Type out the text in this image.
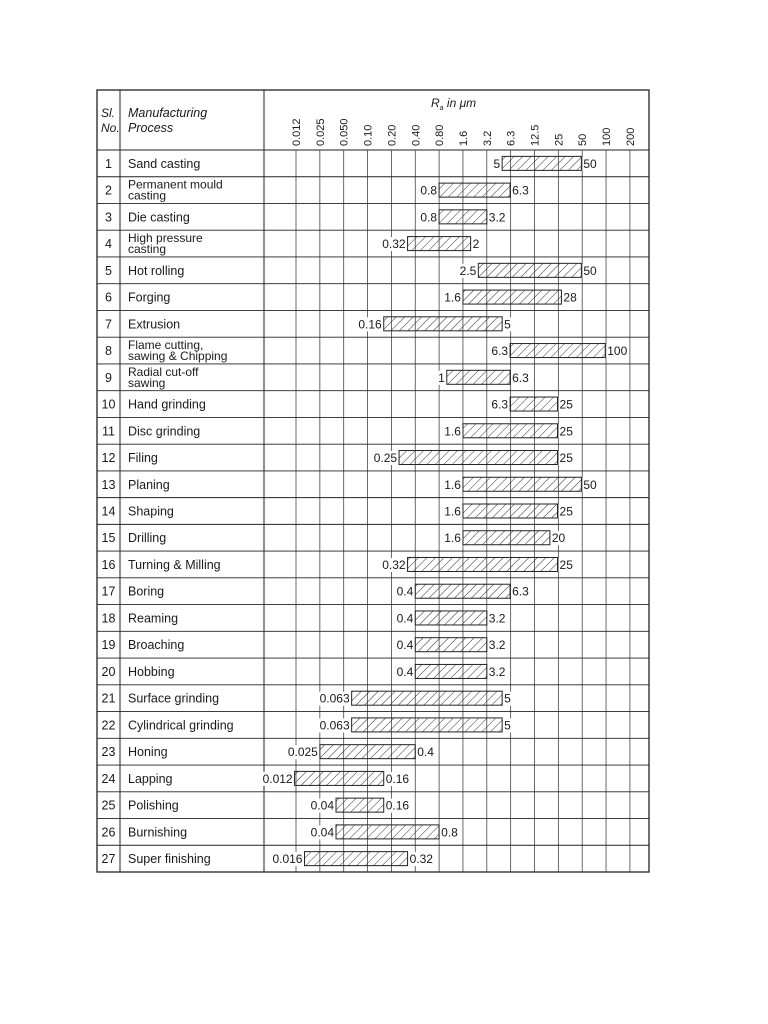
Sl.
No.
Manufacturing
Process
$R_a$ in μm
0.012 0.025 0.050 0.10 0.20 0.40 0.80 1.6 3.2 6.3 12.5 25 50 100 200
1 Sand casting	5	50
2 Permanent mould
casting	0.8	6.3
3 Die casting	0.8	3.2
4 High pressure
casting	0.32	2
5 Hot rolling	2.5	50
6 Forging	1.6	28
7 Extrusion	0.16	5
8 Flame cutting,
sawing & Chipping	6.3	100
9 Radial cut-off
sawing	1	6.3
10 Hand grinding	6.3	25
11 Disc grinding	1.6	25
12 Filing	0.25	25
13 Planing	1.6	50
14 Shaping	1.6	25
15 Drilling	1.6	20
16 Turning & Milling	0.32	25
17 Boring	0.4	6.3
18 Reaming	0.4	3.2
19 Broaching	0.4	3.2
20 Hobbing	0.4	3.2
21 Surface grinding	0.063	5
22 Cylindrical grinding	0.063	5
23 Honing	0.025	0.4
24 Lapping	0.012	0.16
25 Polishing	0.04	0.16
26 Burnishing	0.04	0.8
27 Super finishing	0.016	0.32
